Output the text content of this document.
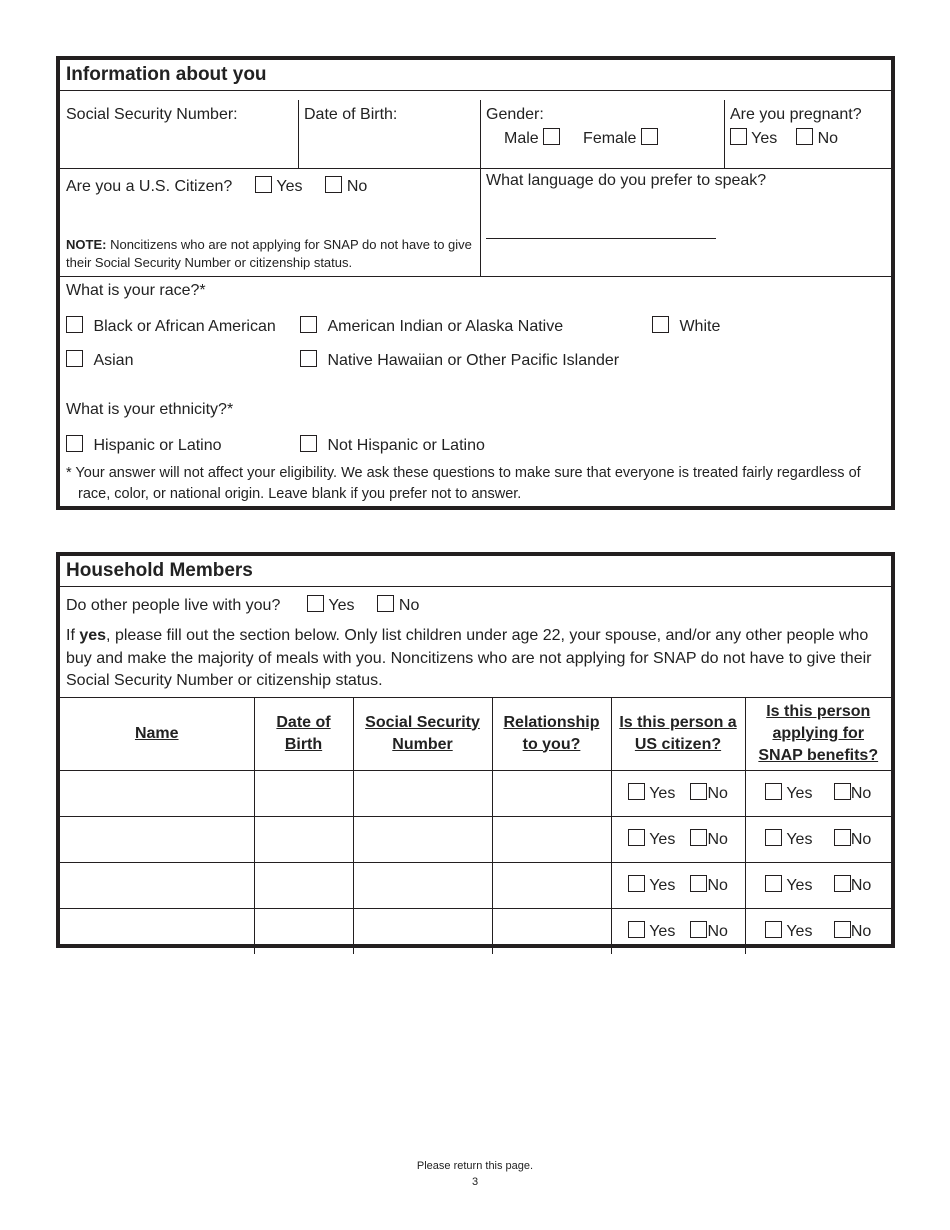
Information about you
Social Security Number:	Date of Birth:	Gender:
Male	Female
Are you pregnant?
Yes	No
Are you a U.S. Citizen?	Yes	No
NOTE: Noncitizens who are not applying for SNAP do not have to give their Social Security Number or citizenship status.
What language do you prefer to speak?
What is your race?*
Black or African American	American Indian or Alaska Native	White
Asian	Native Hawaiian or Other Pacific Islander
What is your ethnicity?*
Hispanic or Latino	Not Hispanic or Latino
* Your answer will not affect your eligibility. We ask these questions to make sure that everyone is treated fairly regardless of race, color, or national origin. Leave blank if you prefer not to answer.
Household Members
Do other people live with you?	Yes	No
If yes, please fill out the section below. Only list children under age 22, your spouse, and/or any other people who buy and make the majority of meals with you. Noncitizens who are not applying for SNAP do not have to give their Social Security Number or citizenship status.
Name	Date of Birth	Social Security Number	Relationship to you?	Is this person a US citizen?	Is this person applying for SNAP benefits?

				Yes No	Yes No

				Yes No	Yes No

				Yes No	Yes No

				Yes No	Yes No
Please return this page.
3
